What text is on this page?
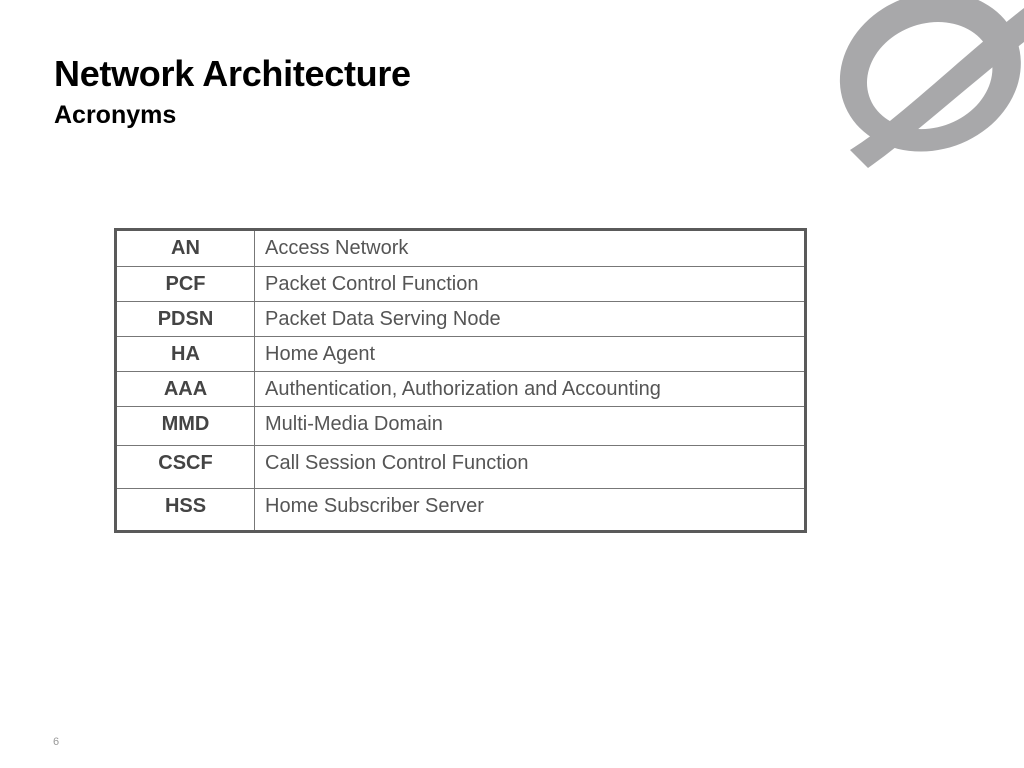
Network Architecture
Acronyms
AN	Access Network
PCF	Packet Control Function
PDSN	Packet Data Serving Node
HA	Home Agent
AAA	Authentication, Authorization and Accounting
MMD	Multi-Media Domain
CSCF	Call Session Control Function
HSS	Home Subscriber Server
6
